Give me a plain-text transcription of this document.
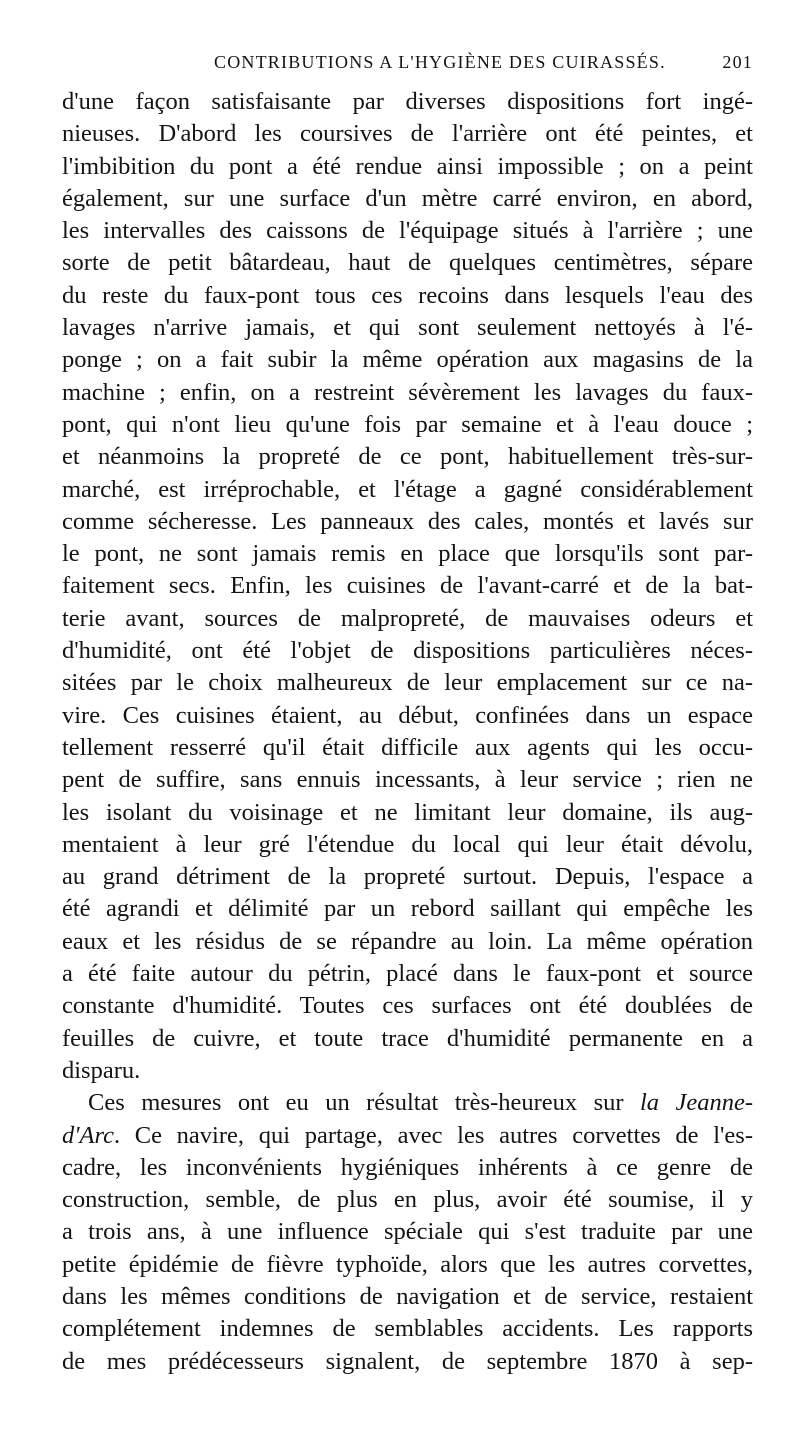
CONTRIBUTIONS A L'HYGIÈNE DES CUIRASSÉS.	201
d'une façon satisfaisante par diverses dispositions fort ingé-
nieuses. D'abord les coursives de l'arrière ont été peintes, et
l'imbibition du pont a été rendue ainsi impossible ; on a peint
également, sur une surface d'un mètre carré environ, en abord,
les intervalles des caissons de l'équipage situés à l'arrière ; une
sorte de petit bâtardeau, haut de quelques centimètres, sépare
du reste du faux-pont tous ces recoins dans lesquels l'eau des
lavages n'arrive jamais, et qui sont seulement nettoyés à l'é-
ponge ; on a fait subir la même opération aux magasins de la
machine ; enfin, on a restreint sévèrement les lavages du faux-
pont, qui n'ont lieu qu'une fois par semaine et à l'eau douce ;
et néanmoins la propreté de ce pont, habituellement très-sur-
marché, est irréprochable, et l'étage a gagné considérablement
comme sécheresse. Les panneaux des cales, montés et lavés sur
le pont, ne sont jamais remis en place que lorsqu'ils sont par-
faitement secs. Enfin, les cuisines de l'avant-carré et de la bat-
terie avant, sources de malpropreté, de mauvaises odeurs et
d'humidité, ont été l'objet de dispositions particulières néces-
sitées par le choix malheureux de leur emplacement sur ce na-
vire. Ces cuisines étaient, au début, confinées dans un espace
tellement resserré qu'il était difficile aux agents qui les occu-
pent de suffire, sans ennuis incessants, à leur service ; rien ne
les isolant du voisinage et ne limitant leur domaine, ils aug-
mentaient à leur gré l'étendue du local qui leur était dévolu,
au grand détriment de la propreté surtout. Depuis, l'espace a
été agrandi et délimité par un rebord saillant qui empêche les
eaux et les résidus de se répandre au loin. La même opération
a été faite autour du pétrin, placé dans le faux-pont et source
constante d'humidité. Toutes ces surfaces ont été doublées de
feuilles de cuivre, et toute trace d'humidité permanente en a
disparu.
Ces mesures ont eu un résultat très-heureux sur la Jeanne-
d'Arc. Ce navire, qui partage, avec les autres corvettes de l'es-
cadre, les inconvénients hygiéniques inhérents à ce genre de
construction, semble, de plus en plus, avoir été soumise, il y
a trois ans, à une influence spéciale qui s'est traduite par une
petite épidémie de fièvre typhoïde, alors que les autres corvettes,
dans les mêmes conditions de navigation et de service, restaient
complétement indemnes de semblables accidents. Les rapports
de mes prédécesseurs signalent, de septembre 1870 à sep-
